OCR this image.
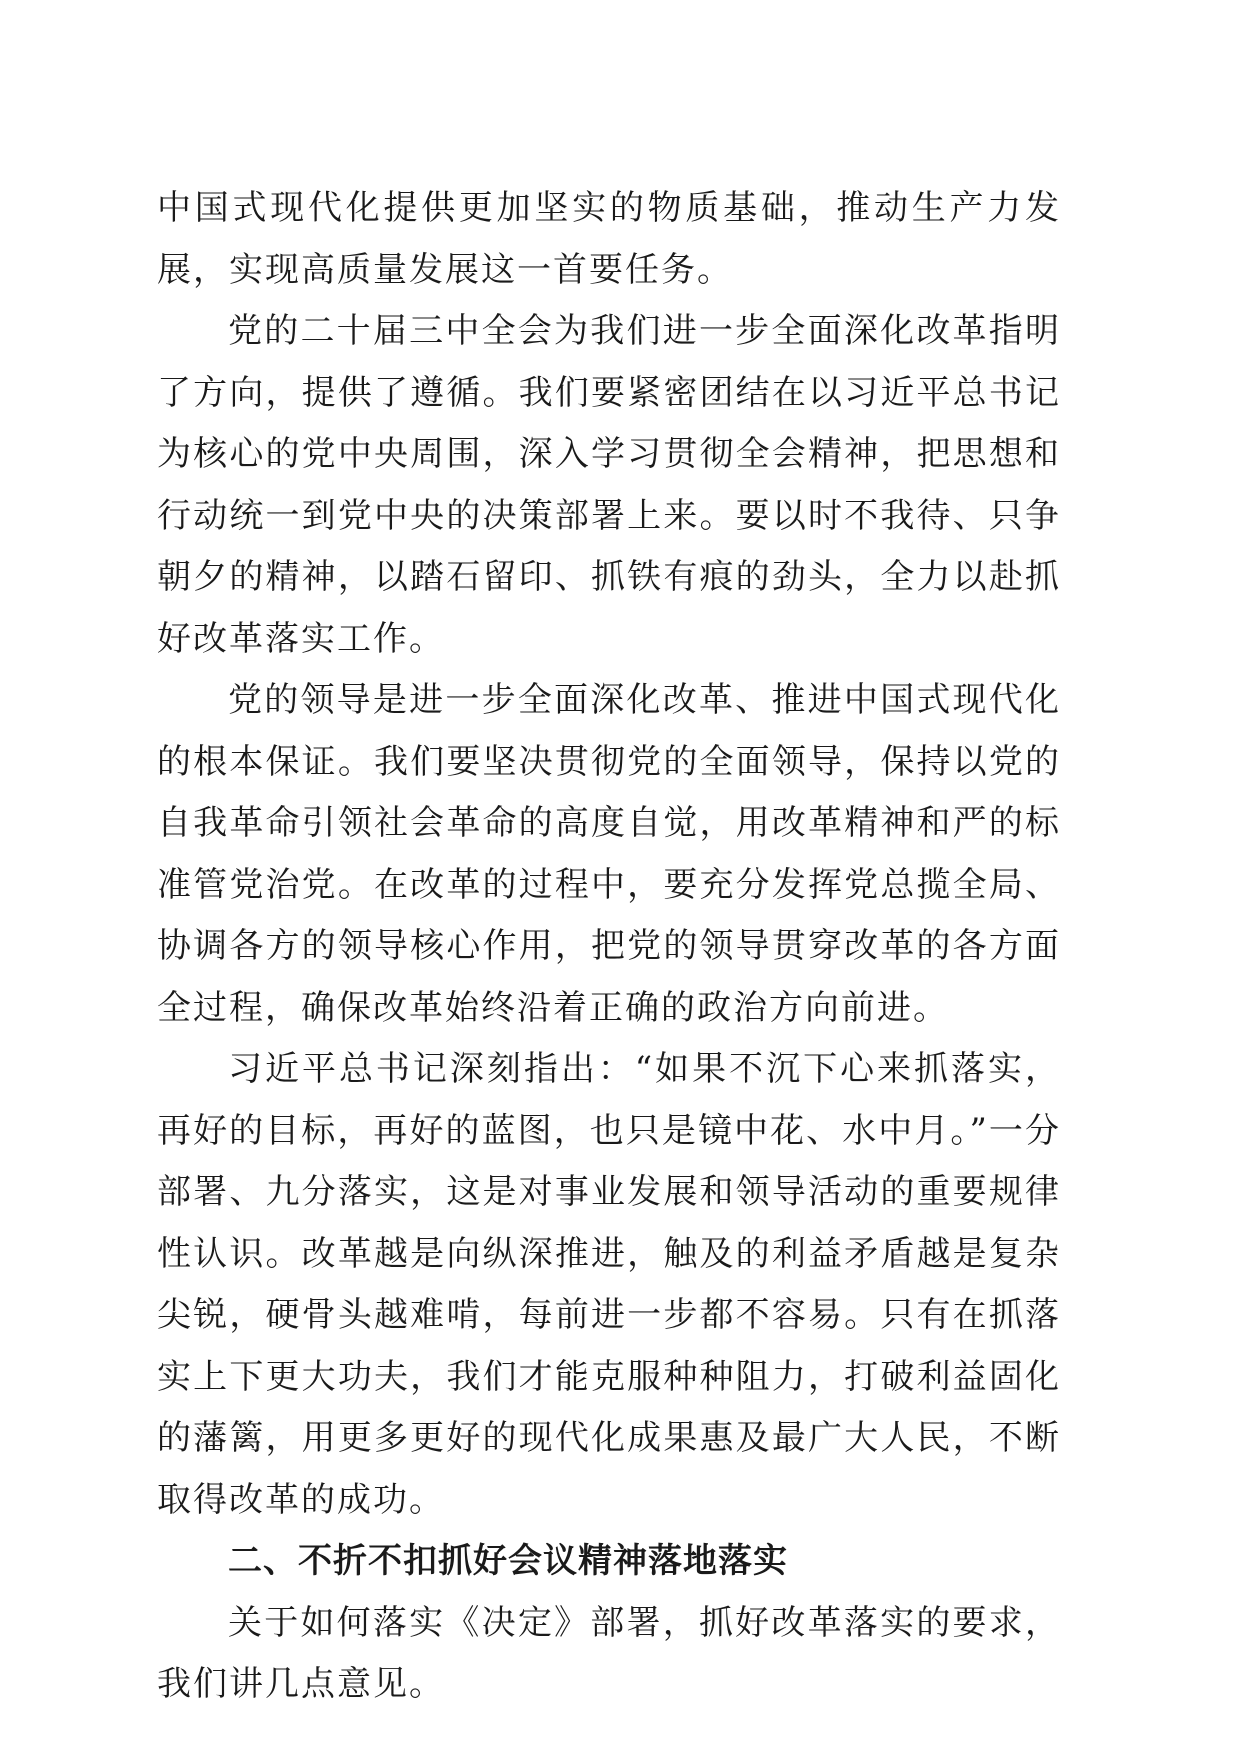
中国式现代化提供更加坚实的物质基础，推动生产力发展，实现高质量发展这一首要任务。

党的二十届三中全会为我们进一步全面深化改革指明了方向，提供了遵循。我们要紧密团结在以习近平总书记为核心的党中央周围，深入学习贯彻全会精神，把思想和行动统一到党中央的决策部署上来。要以时不我待、只争朝夕的精神，以踏石留印、抓铁有痕的劲头，全力以赴抓好改革落实工作。

党的领导是进一步全面深化改革、推进中国式现代化的根本保证。我们要坚决贯彻党的全面领导，保持以党的自我革命引领社会革命的高度自觉，用改革精神和严的标准管党治党。在改革的过程中，要充分发挥党总揽全局、协调各方的领导核心作用，把党的领导贯穿改革的各方面全过程，确保改革始终沿着正确的政治方向前进。

习近平总书记深刻指出：“如果不沉下心来抓落实，再好的目标，再好的蓝图，也只是镜中花、水中月。”一分部署、九分落实，这是对事业发展和领导活动的重要规律性认识。改革越是向纵深推进，触及的利益矛盾越是复杂尖锐，硬骨头越难啃，每前进一步都不容易。只有在抓落实上下更大功夫，我们才能克服种种阻力，打破利益固化的藩篱，用更多更好的现代化成果惠及最广大人民，不断取得改革的成功。

二、不折不扣抓好会议精神落地落实

关于如何落实《决定》部署，抓好改革落实的要求，我们讲几点意见。
